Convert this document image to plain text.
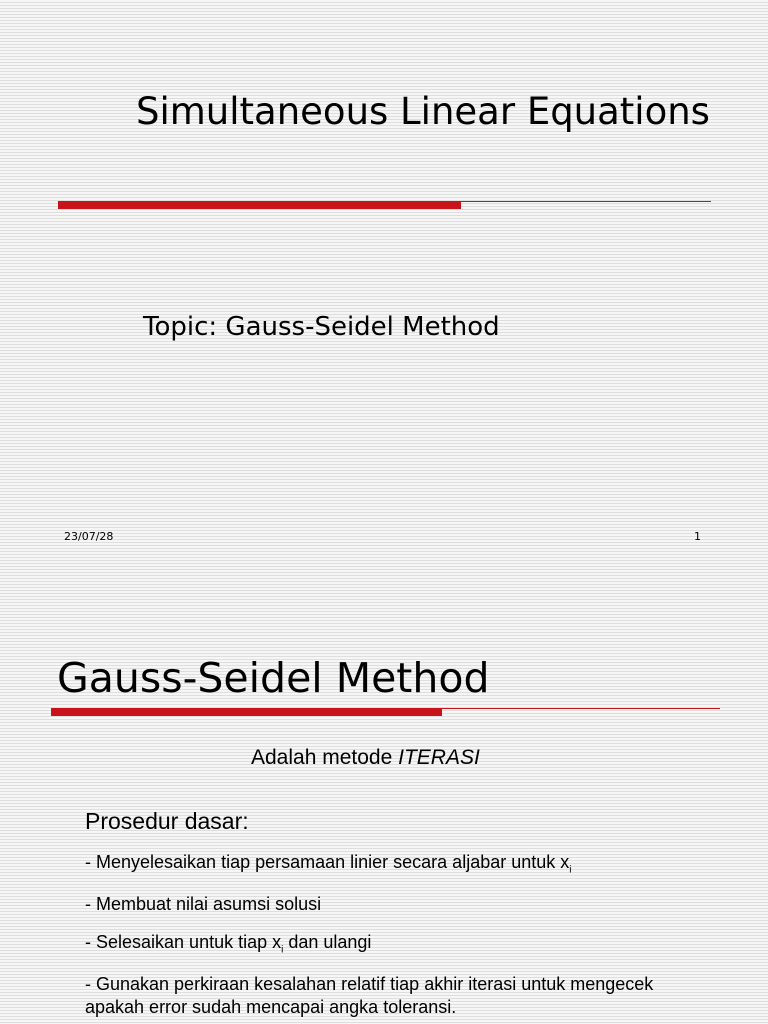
Simultaneous Linear Equations
Topic: Gauss-Seidel Method
23/07/28	1
Gauss-Seidel Method
Adalah metode ITERASI
Prosedur dasar:
- Menyelesaikan tiap persamaan linier secara aljabar untuk $x_i$
- Membuat nilai asumsi solusi
- Selesaikan untuk tiap $x_i$ dan ulangi
- Gunakan perkiraan kesalahan relatif tiap akhir iterasi untuk mengecek apakah error sudah mencapai angka toleransi.
